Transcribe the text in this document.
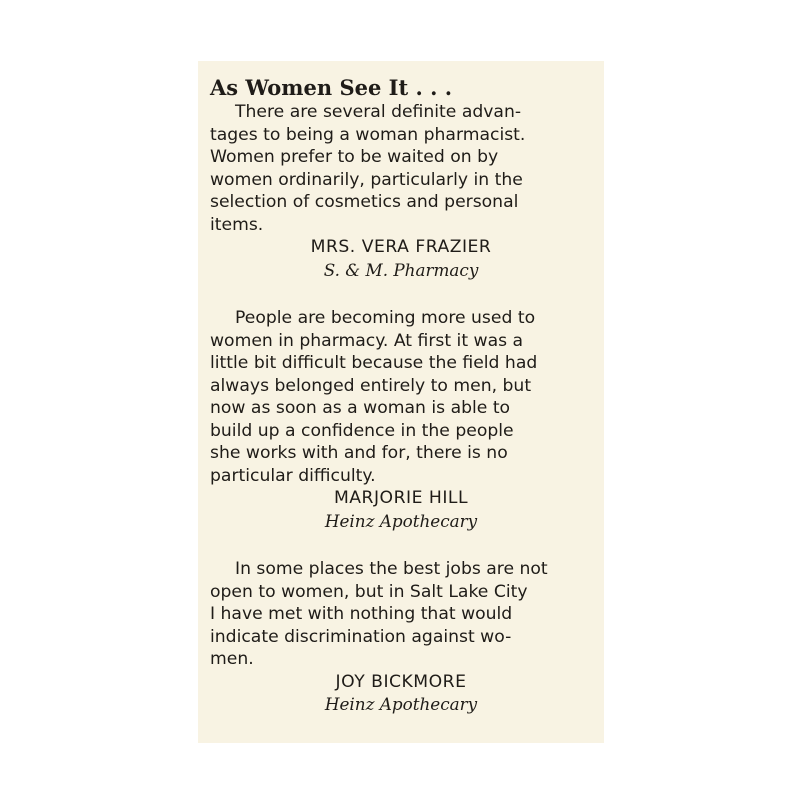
As Women See It . . .

There are several definite advan-
tages to being a woman pharmacist.
Women prefer to be waited on by
women ordinarily, particularly in the
selection of cosmetics and personal
items.

MRS. VERA FRAZIER

S. & M. Pharmacy

People are becoming more used to
women in pharmacy. At first it was a
little bit difficult because the field had
always belonged entirely to men, but
now as soon as a woman is able to
build up a confidence in the people
she works with and for, there is no
particular difficulty.

MARJORIE HILL

Heinz Apothecary

In some places the best jobs are not
open to women, but in Salt Lake City
I have met with nothing that would
indicate discrimination against wo-
men.

JOY BICKMORE

Heinz Apothecary
